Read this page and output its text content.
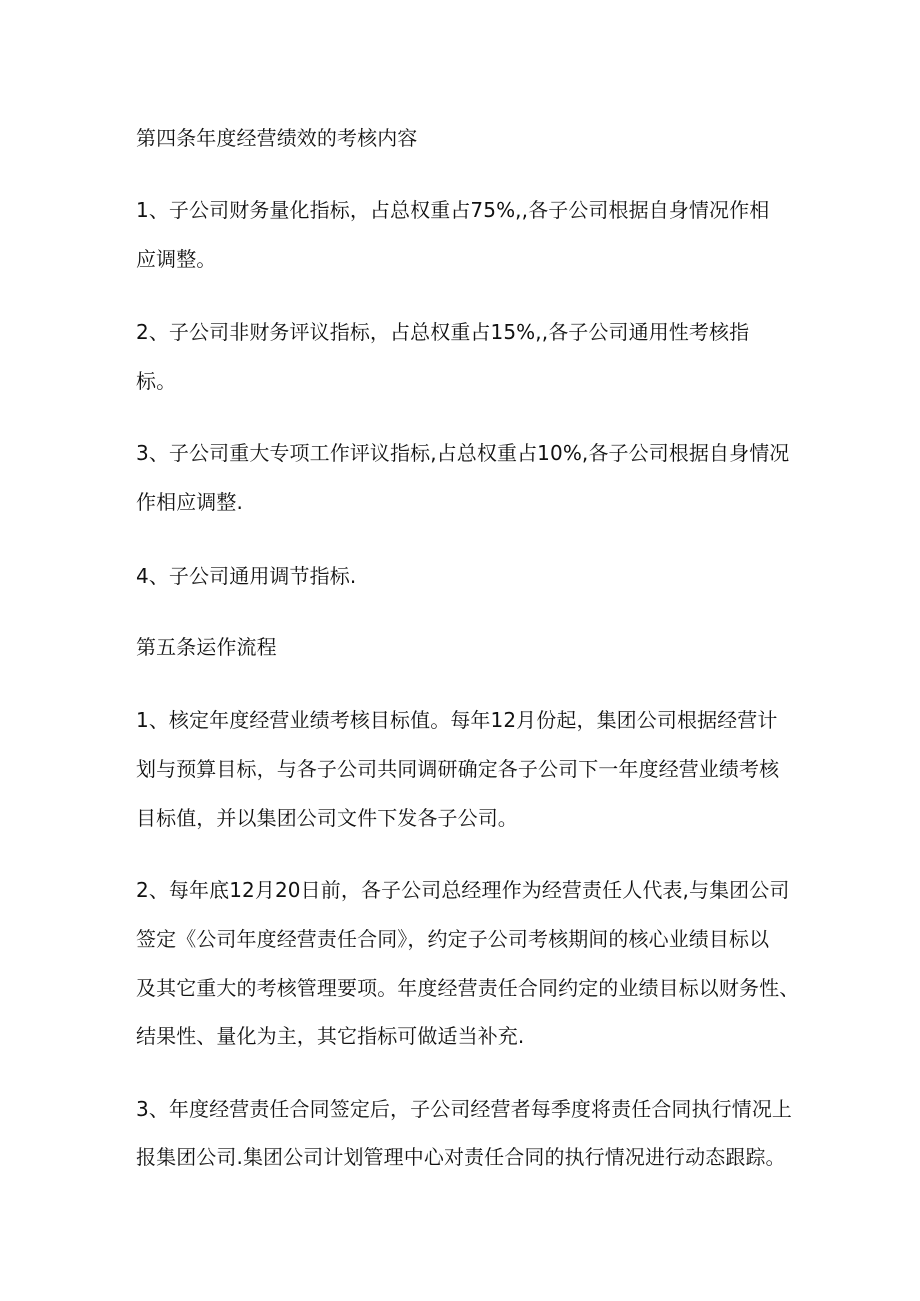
第四条年度经营绩效的考核内容
1、子公司财务量化指标，占总权重占75%,,各子公司根据自身情况作相
应调整。
2、子公司非财务评议指标，占总权重占15%,,各子公司通用性考核指
标。
3、子公司重大专项工作评议指标,占总权重占10%,各子公司根据自身情况
作相应调整.
4、子公司通用调节指标.
第五条运作流程
1、核定年度经营业绩考核目标值。每年12月份起，集团公司根据经营计
划与预算目标，与各子公司共同调研确定各子公司下一年度经营业绩考核
目标值，并以集团公司文件下发各子公司。
2、每年底12月20日前，各子公司总经理作为经营责任人代表,与集团公司
签定《公司年度经营责任合同》，约定子公司考核期间的核心业绩目标以
及其它重大的考核管理要项。年度经营责任合同约定的业绩目标以财务性、
结果性、量化为主，其它指标可做适当补充.
3、年度经营责任合同签定后，子公司经营者每季度将责任合同执行情况上
报集团公司.集团公司计划管理中心对责任合同的执行情况进行动态跟踪。
